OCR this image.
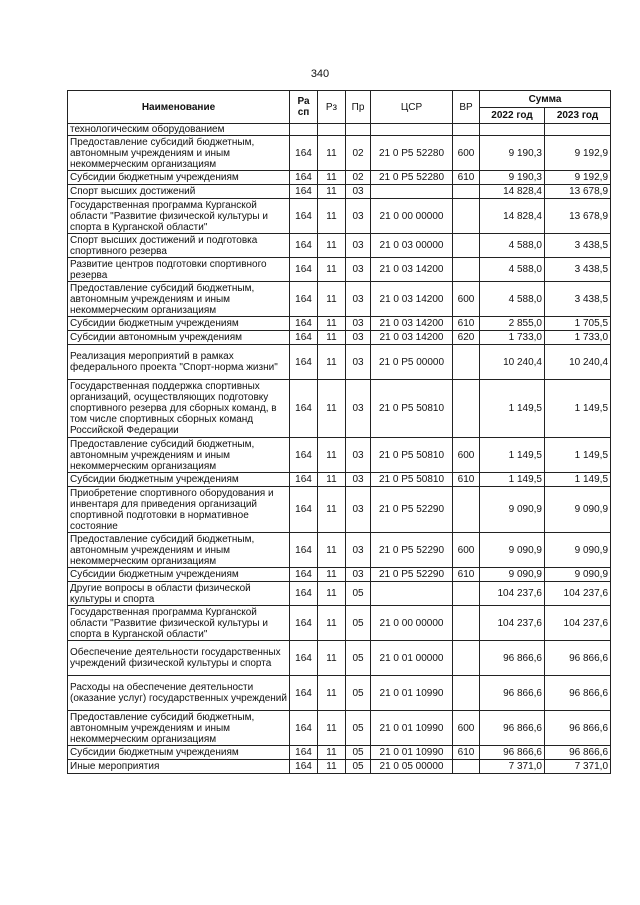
340
Наименование	Ра сп	Рз	Пр	ЦСР	ВР	Сумма	
						2022 год	2023 год
технологическим оборудованием							
Предоставление субсидий бюджетным, автономным учреждениям и иным некоммерческим организациям	164	11	02	21 0 P5 52280	600	9 190,3	9 192,9
Субсидии бюджетным учреждениям	164	11	02	21 0 P5 52280	610	9 190,3	9 192,9
Спорт высших достижений	164	11	03			14 828,4	13 678,9
Государственная программа Курганской области "Развитие физической культуры и спорта в Курганской области"	164	11	03	21 0 00 00000		14 828,4	13 678,9
Спорт высших достижений и подготовка спортивного резерва	164	11	03	21 0 03 00000		4 588,0	3 438,5
Развитие центров подготовки спортивного резерва	164	11	03	21 0 03 14200		4 588,0	3 438,5
Предоставление субсидий бюджетным, автономным учреждениям и иным некоммерческим организациям	164	11	03	21 0 03 14200	600	4 588,0	3 438,5
Субсидии бюджетным учреждениям	164	11	03	21 0 03 14200	610	2 855,0	1 705,5
Субсидии автономным учреждениям	164	11	03	21 0 03 14200	620	1 733,0	1 733,0
Реализация мероприятий в рамках федерального проекта "Спорт-норма жизни"	164	11	03	21 0 P5 00000		10 240,4	10 240,4
Государственная поддержка спортивных организаций, осуществляющих подготовку спортивного резерва для сборных команд, в том числе спортивных сборных команд Российской Федерации	164	11	03	21 0 P5 50810		1 149,5	1 149,5
Предоставление субсидий бюджетным, автономным учреждениям и иным некоммерческим организациям	164	11	03	21 0 P5 50810	600	1 149,5	1 149,5
Субсидии бюджетным учреждениям	164	11	03	21 0 P5 50810	610	1 149,5	1 149,5
Приобретение спортивного оборудования и инвентаря для приведения организаций спортивной подготовки в нормативное состояние	164	11	03	21 0 P5 52290		9 090,9	9 090,9
Предоставление субсидий бюджетным, автономным учреждениям и иным некоммерческим организациям	164	11	03	21 0 P5 52290	600	9 090,9	9 090,9
Субсидии бюджетным учреждениям	164	11	03	21 0 P5 52290	610	9 090,9	9 090,9
Другие вопросы в области физической культуры и спорта	164	11	05			104 237,6	104 237,6
Государственная программа Курганской области "Развитие физической культуры и спорта в Курганской области"	164	11	05	21 0 00 00000		104 237,6	104 237,6
Обеспечение деятельности государственных учреждений физической культуры и спорта	164	11	05	21 0 01 00000		96 866,6	96 866,6
Расходы на обеспечение деятельности (оказание услуг) государственных учреждений	164	11	05	21 0 01 10990		96 866,6	96 866,6
Предоставление субсидий бюджетным, автономным учреждениям и иным некоммерческим организациям	164	11	05	21 0 01 10990	600	96 866,6	96 866,6
Субсидии бюджетным учреждениям	164	11	05	21 0 01 10990	610	96 866,6	96 866,6
Иные мероприятия	164	11	05	21 0 05 00000		7 371,0	7 371,0
